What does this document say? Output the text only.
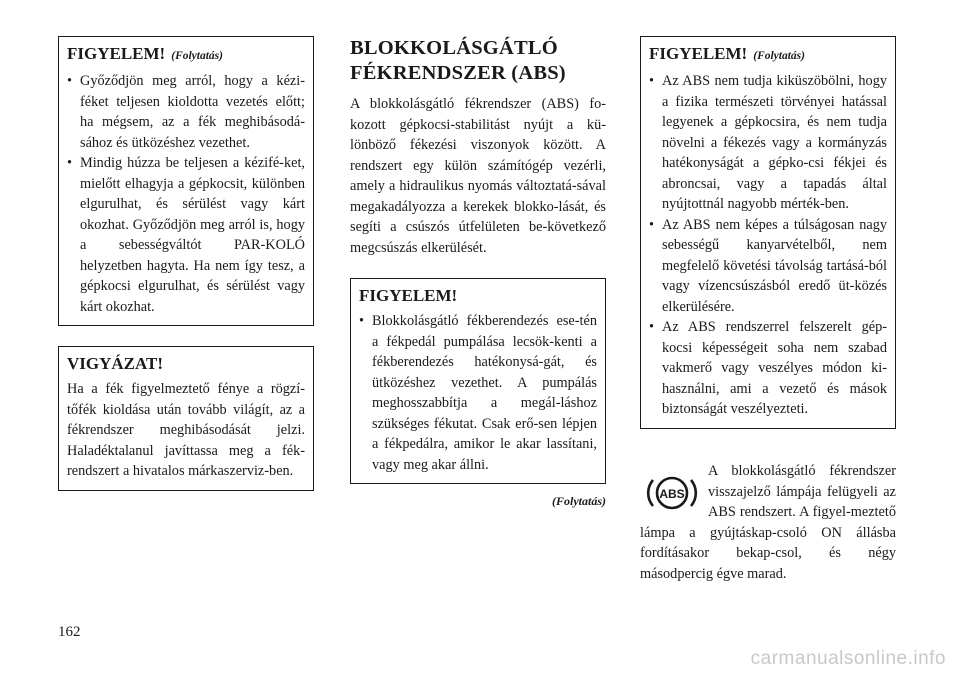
FIGYELEM! (Folytatás)
• Győződjön meg arról, hogy a kézi-féket teljesen kioldotta vezetés előtt; ha mégsem, az a fék meghibásodá-sához és ütközéshez vezethet.
• Mindig húzza be teljesen a kézifé-ket, mielőtt elhagyja a gépkocsit, különben elgurulhat, és sérülést vagy kárt okozhat. Győződjön meg arról is, hogy a sebességváltót PAR-KOLÓ helyzetben hagyta. Ha nem így tesz, a gépkocsi elgurulhat, és sérülést vagy kárt okozhat.
VIGYÁZAT!

Ha a fék figyelmeztető fénye a rögzí-tőfék kioldása után tovább világít, az a fékrendszer meghibásodását jelzi. Haladéktalanul javíttassa meg a fék-rendszert a hivatalos márkaszerviz-ben.

BLOKKOLÁSGÁTLÓ
FÉKRENDSZER (ABS)

A blokkolásgátló fékrendszer (ABS) fo-kozott gépkocsi-stabilitást nyújt a kü-lönböző fékezési viszonyok között. A rendszert egy külön számítógép vezérli, amely a hidraulikus nyomás változtatá-sával megakadályozza a kerekek blokko-lását, és segíti a csúszós útfelületen be-következő megcsúszás elkerülését.

FIGYELEM!
• Blokkolásgátló fékberendezés ese-tén a fékpedál pumpálása lecsök-kenti a fékberendezés hatékonysá-gát, és ütközéshez vezethet. A pumpálás meghosszabbítja a megál-láshoz szükséges fékutat. Csak erő-sen lépjen a fékpedálra, amikor le akar lassítani, vagy meg akar állni.
(Folytatás)
FIGYELEM! (Folytatás)
• Az ABS nem tudja kiküszöbölni, hogy a fizika természeti törvényei hatással legyenek a gépkocsira, és nem tudja növelni a fékezés vagy a kormányzás hatékonyságát a gépko-csi fékjei és abroncsai, vagy a tapadás által nyújtottnál nagyobb mérték-ben.
• Az ABS nem képes a túlságosan nagy sebességű kanyarvételből, nem megfelelő követési távolság tartásá-ból vagy vízencsúszásból eredő üt-közés elkerülésére.
• Az ABS rendszerrel felszerelt gép-kocsi képességeit soha nem szabad vakmerő vagy veszélyes módon ki-használni, ami a vezető és mások biztonságát veszélyezteti.
ABS

A blokkolásgátló fékrendszer visszajelző lámpája felügyeli az ABS rendszert. A figyel-meztető lámpa a gyújtáskap-csoló ON állásba fordításakor bekap-csol, és négy másodpercig égve marad.

162
carmanualsonline.info
